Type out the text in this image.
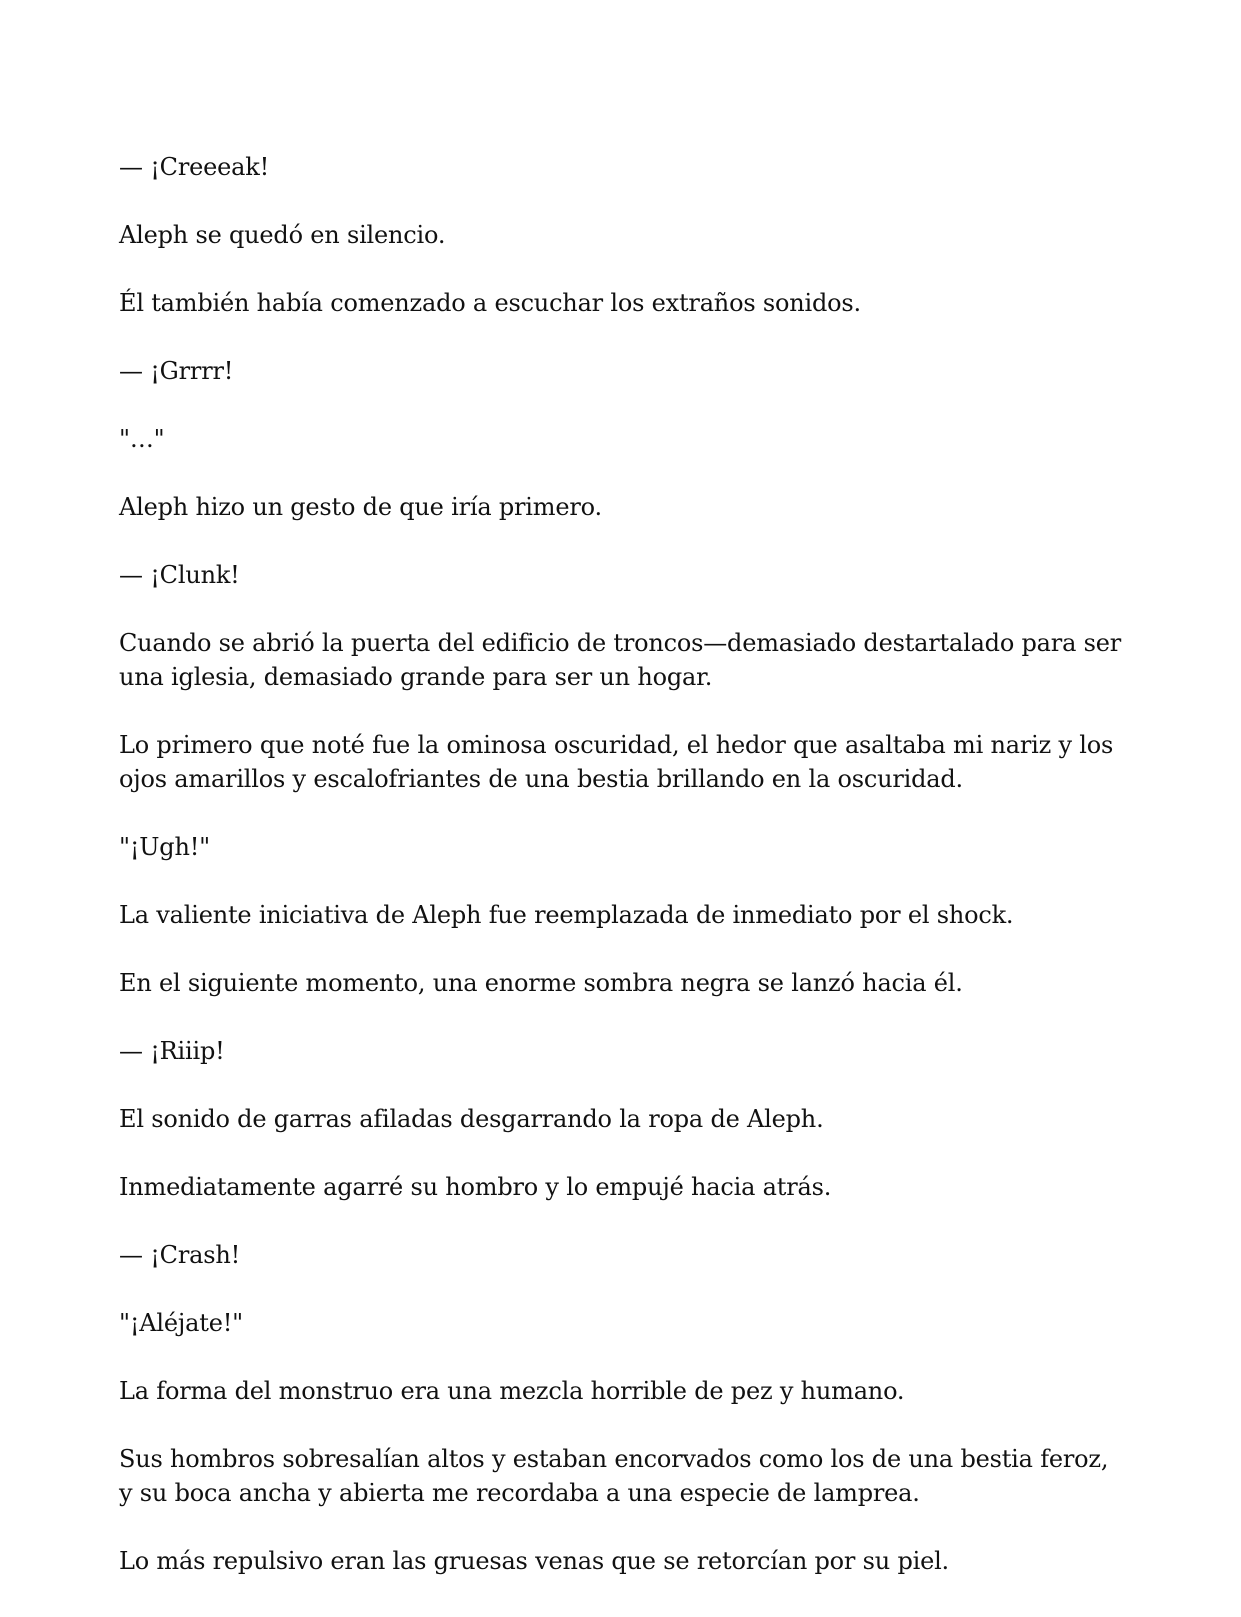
— ¡Creeeak!

Aleph se quedó en silencio.

Él también había comenzado a escuchar los extraños sonidos.

— ¡Grrrr!

"…"

Aleph hizo un gesto de que iría primero.

— ¡Clunk!

Cuando se abrió la puerta del edificio de troncos—demasiado destartalado para ser una iglesia, demasiado grande para ser un hogar.

Lo primero que noté fue la ominosa oscuridad, el hedor que asaltaba mi nariz y los ojos amarillos y escalofriantes de una bestia brillando en la oscuridad.

"¡Ugh!"

La valiente iniciativa de Aleph fue reemplazada de inmediato por el shock.

En el siguiente momento, una enorme sombra negra se lanzó hacia él.

— ¡Riiip!

El sonido de garras afiladas desgarrando la ropa de Aleph.

Inmediatamente agarré su hombro y lo empujé hacia atrás.

— ¡Crash!

"¡Aléjate!"

La forma del monstruo era una mezcla horrible de pez y humano.

Sus hombros sobresalían altos y estaban encorvados como los de una bestia feroz, y su boca ancha y abierta me recordaba a una especie de lamprea.

Lo más repulsivo eran las gruesas venas que se retorcían por su piel.
